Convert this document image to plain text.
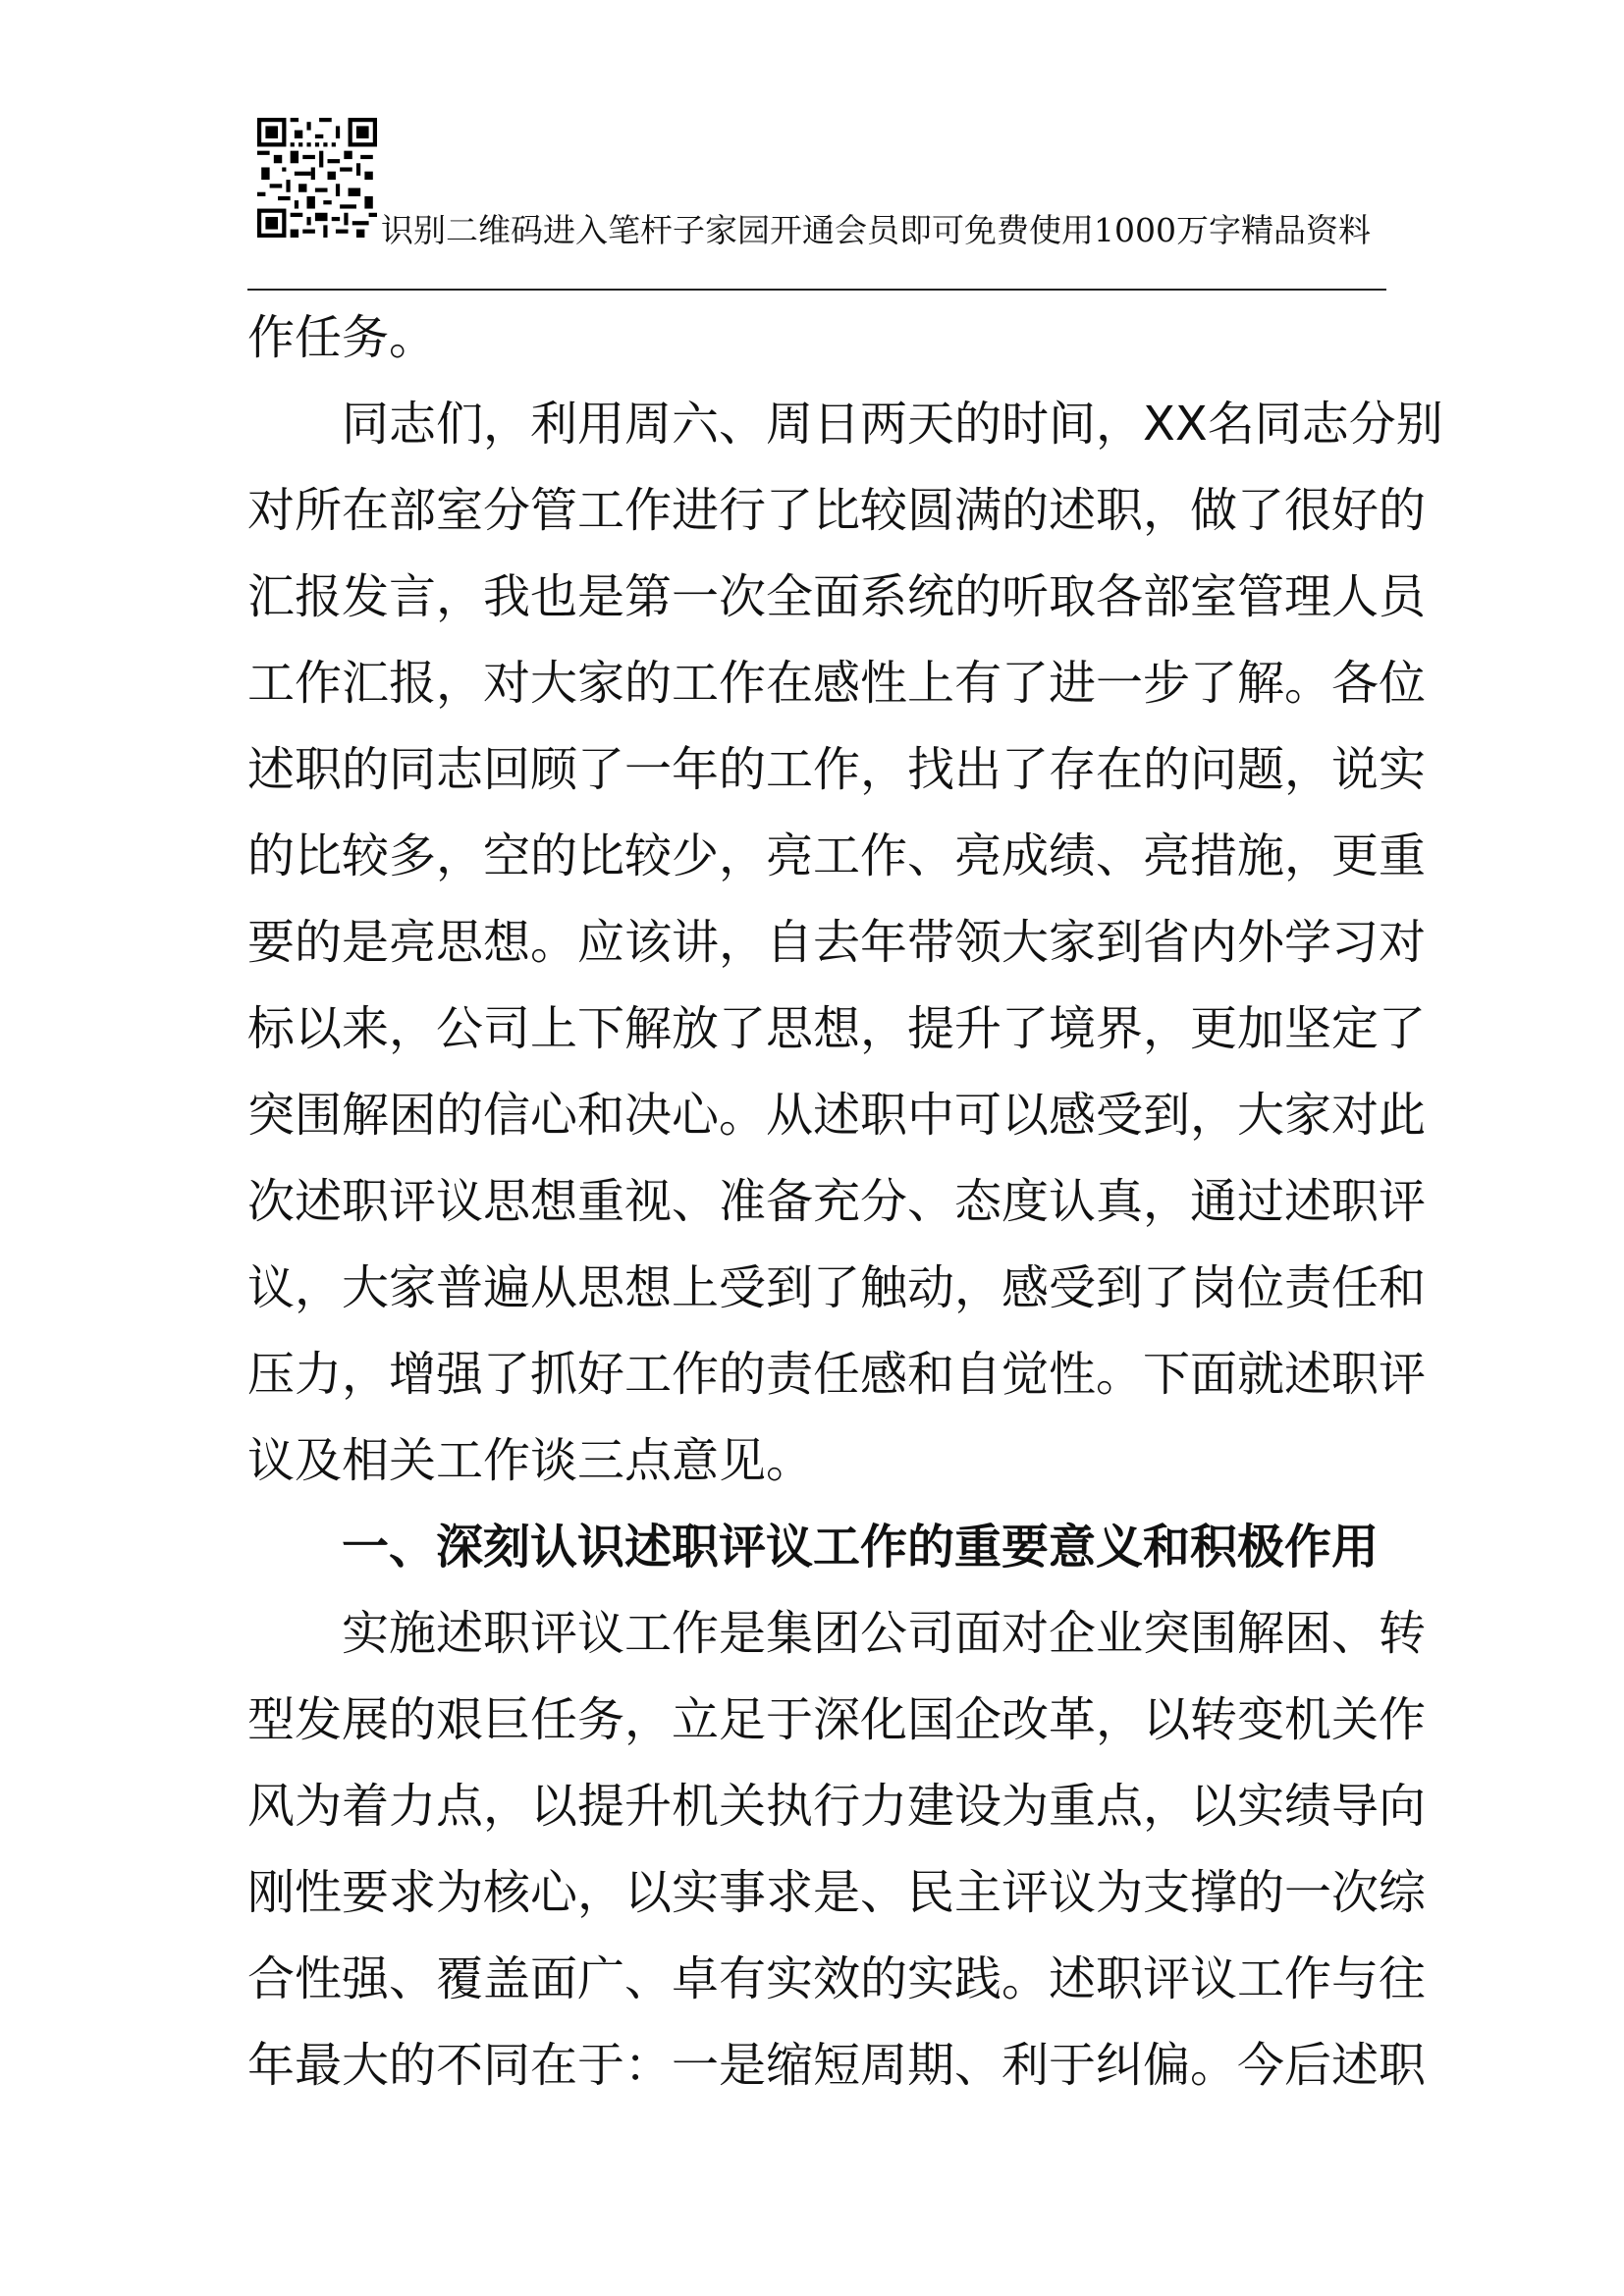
识别二维码进入笔杆子家园开通会员即可免费使用1000万字精品资料
作任务。
同志们，利用周六、周日两天的时间，XX名同志分别
对所在部室分管工作进行了比较圆满的述职，做了很好的
汇报发言，我也是第一次全面系统的听取各部室管理人员
工作汇报，对大家的工作在感性上有了进一步了解。各位
述职的同志回顾了一年的工作，找出了存在的问题，说实
的比较多，空的比较少，亮工作、亮成绩、亮措施，更重
要的是亮思想。应该讲，自去年带领大家到省内外学习对
标以来，公司上下解放了思想，提升了境界，更加坚定了
突围解困的信心和决心。从述职中可以感受到，大家对此
次述职评议思想重视、准备充分、态度认真，通过述职评
议，大家普遍从思想上受到了触动，感受到了岗位责任和
压力，增强了抓好工作的责任感和自觉性。下面就述职评
议及相关工作谈三点意见。
一、深刻认识述职评议工作的重要意义和积极作用
实施述职评议工作是集团公司面对企业突围解困、转
型发展的艰巨任务，立足于深化国企改革，以转变机关作
风为着力点，以提升机关执行力建设为重点，以实绩导向
刚性要求为核心，以实事求是、民主评议为支撑的一次综
合性强、覆盖面广、卓有实效的实践。述职评议工作与往
年最大的不同在于：一是缩短周期、利于纠偏。今后述职
